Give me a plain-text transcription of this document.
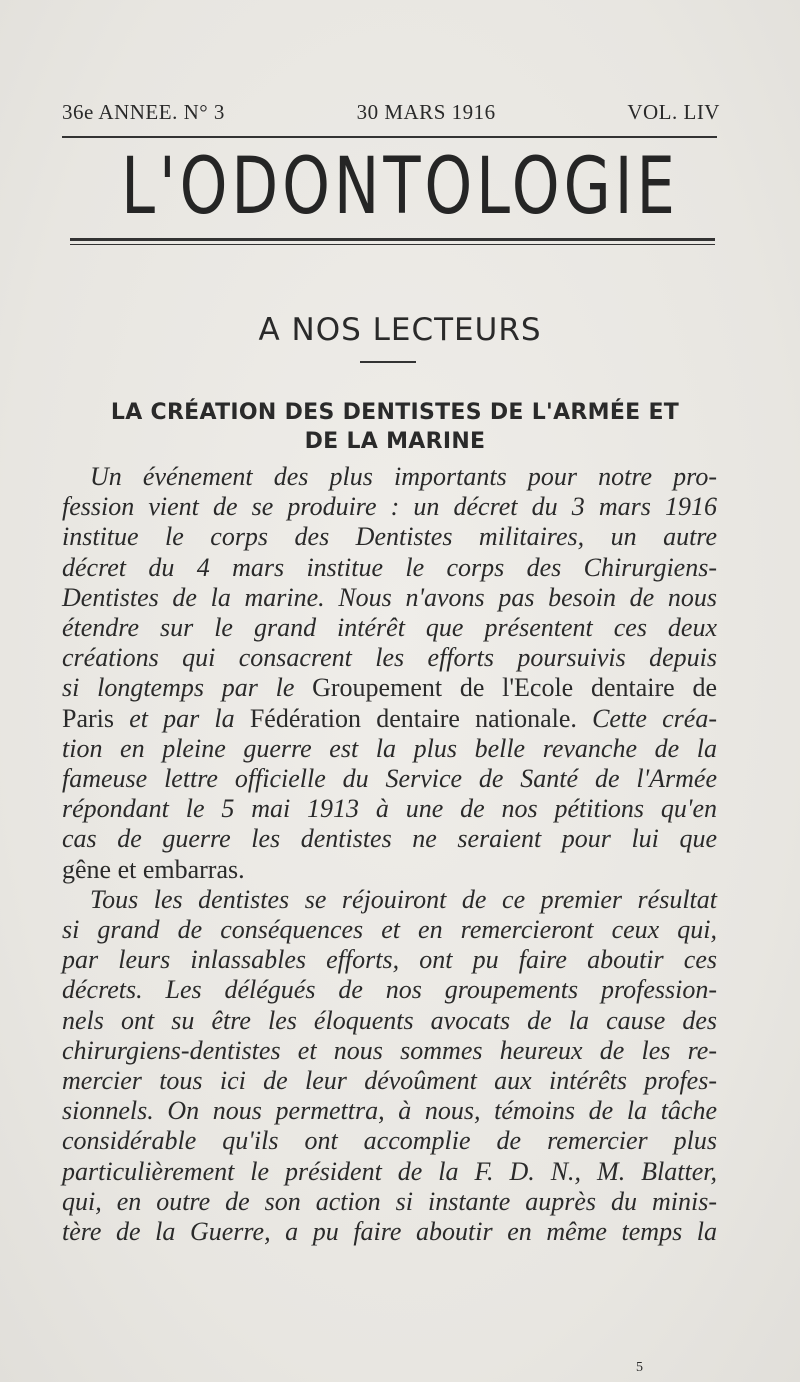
36e ANNEE. N° 3	30 MARS 1916	VOL. LIV
L'ODONTOLOGIE
A NOS LECTEURS
LA CRÉATION DES DENTISTES DE L'ARMÉE ET
DE LA MARINE
Un événement des plus importants pour notre pro-
fession vient de se produire : un décret du 3 mars 1916
institue le corps des Dentistes militaires, un autre
décret du 4 mars institue le corps des Chirurgiens-
Dentistes de la marine. Nous n'avons pas besoin de nous
étendre sur le grand intérêt que présentent ces deux
créations qui consacrent les efforts poursuivis depuis
si longtemps par le Groupement de l'Ecole dentaire de
Paris et par la Fédération dentaire nationale. Cette créa-
tion en pleine guerre est la plus belle revanche de la
fameuse lettre officielle du Service de Santé de l'Armée
répondant le 5 mai 1913 à une de nos pétitions qu'en
cas de guerre les dentistes ne seraient pour lui que
gêne et embarras.
Tous les dentistes se réjouiront de ce premier résultat
si grand de conséquences et en remercieront ceux qui,
par leurs inlassables efforts, ont pu faire aboutir ces
décrets. Les délégués de nos groupements profession-
nels ont su être les éloquents avocats de la cause des
chirurgiens-dentistes et nous sommes heureux de les re-
mercier tous ici de leur dévoûment aux intérêts profes-
sionnels. On nous permettra, à nous, témoins de la tâche
considérable qu'ils ont accomplie de remercier plus
particulièrement le président de la F. D. N., M. Blatter,
qui, en outre de son action si instante auprès du minis-
tère de la Guerre, a pu faire aboutir en même temps la
5
